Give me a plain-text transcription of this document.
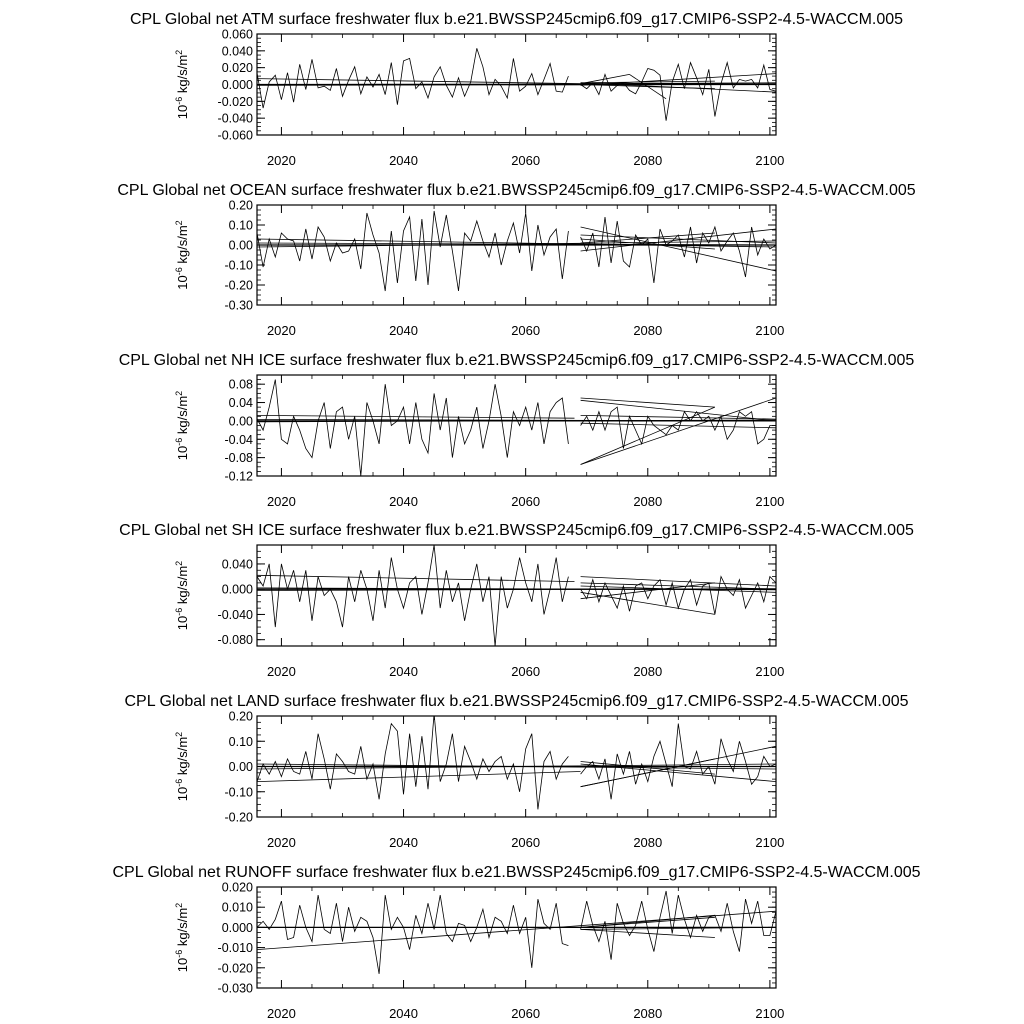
CPL Global net ATM surface freshwater flux b.e21.BWSSP245cmip6.f09_g17.CMIP6-SSP2-4.5-WACCM.005
-0.060
-0.040
-0.020
0.000
0.020
0.040
0.060
2020	2040	2060	2080	2100
$10^{-6}$ $kg/s/m^2$
CPL Global net OCEAN surface freshwater flux b.e21.BWSSP245cmip6.f09_g17.CMIP6-SSP2-4.5-WACCM.005
-0.30
-0.20
-0.10
0.00
0.10
0.20
2020	2040	2060	2080	2100
$10^{-6}$ $kg/s/m^2$
CPL Global net NH ICE surface freshwater flux b.e21.BWSSP245cmip6.f09_g17.CMIP6-SSP2-4.5-WACCM.005
-0.12
-0.08
-0.04
0.00
0.04
0.08
2020	2040	2060	2080	2100
$10^{-6}$ $kg/s/m^2$
CPL Global net SH ICE surface freshwater flux b.e21.BWSSP245cmip6.f09_g17.CMIP6-SSP2-4.5-WACCM.005
-0.080
-0.040
0.000
0.040
2020	2040	2060	2080	2100
$10^{-6}$ $kg/s/m^2$
CPL Global net LAND surface freshwater flux b.e21.BWSSP245cmip6.f09_g17.CMIP6-SSP2-4.5-WACCM.005
-0.20
-0.10
0.00
0.10
0.20
2020	2040	2060	2080	2100
$10^{-6}$ $kg/s/m^2$
CPL Global net RUNOFF surface freshwater flux b.e21.BWSSP245cmip6.f09_g17.CMIP6-SSP2-4.5-WACCM.005
-0.030
-0.020
-0.010
0.000
0.010
0.020
2020	2040	2060	2080	2100
$10^{-6}$ $kg/s/m^2$
